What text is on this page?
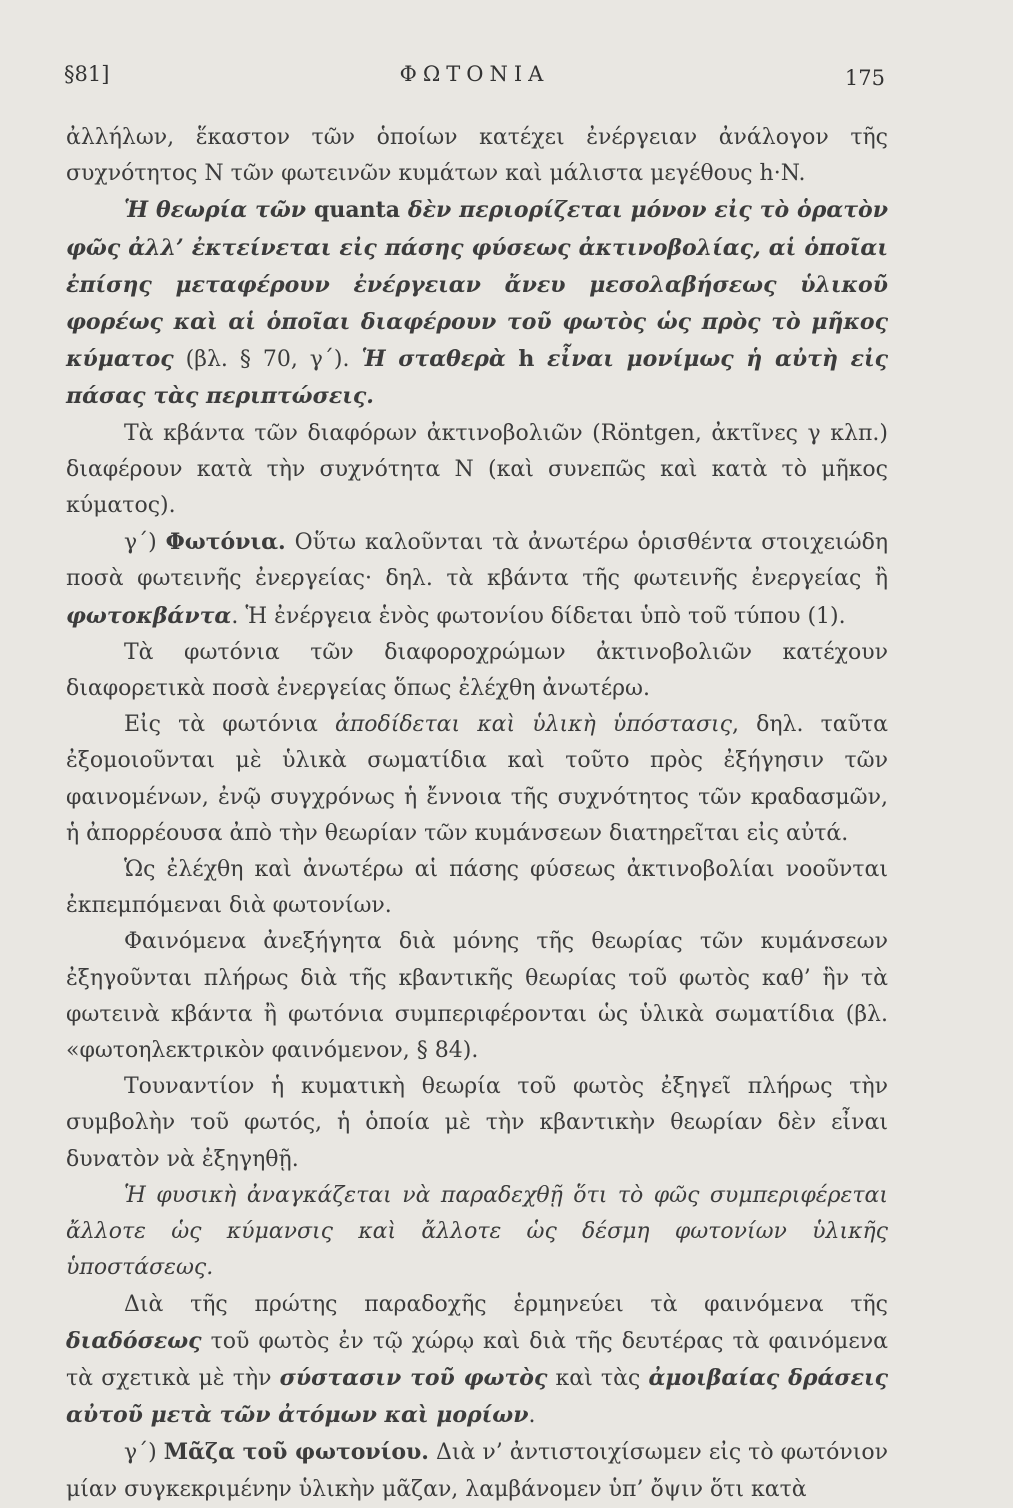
§81]	ΦΩΤΟΝΙΑ	175

ἀλλήλων, ἕκαστον τῶν ὁποίων κατέχει ἐνέργειαν ἀνάλογον τῆς συχνότητος Ν τῶν φωτεινῶν κυμάτων καὶ μάλιστα μεγέθους h·N.

Ἡ θεωρία τῶν quanta δὲν περιορίζεται μόνον εἰς τὸ ὁρατὸν φῶς ἀλλ’ ἐκτείνεται εἰς πάσης φύσεως ἀκτινοβολίας, αἱ ὁποῖαι ἐπίσης μεταφέρουν ἐνέργειαν ἄνευ μεσολαβήσεως ὑλικοῦ φορέως καὶ αἱ ὁποῖαι διαφέρουν τοῦ φωτὸς ὡς πρὸς τὸ μῆκος κύματος (βλ. § 70, γ΄). Ἡ σταθερὰ h εἶναι μονίμως ἡ αὐτὴ εἰς πάσας τὰς περιπτώσεις.

Τὰ κβάντα τῶν διαφόρων ἀκτινοβολιῶν (Röntgen, ἀκτῖνες γ κλπ.) διαφέρουν κατὰ τὴν συχνότητα Ν (καὶ συνεπῶς καὶ κατὰ τὸ μῆκος κύματος).

γ΄) Φωτόνια. Οὕτω καλοῦνται τὰ ἀνωτέρω ὁρισθέντα στοιχειώδη ποσὰ φωτεινῆς ἐνεργείας· δηλ. τὰ κβάντα τῆς φωτεινῆς ἐνεργείας ἢ φωτοκβάντα. Ἡ ἐνέργεια ἑνὸς φωτονίου δίδεται ὑπὸ τοῦ τύπου (1).

Τὰ φωτόνια τῶν διαφοροχρώμων ἀκτινοβολιῶν κατέχουν διαφορετικὰ ποσὰ ἐνεργείας ὅπως ἐλέχθη ἀνωτέρω.

Εἰς τὰ φωτόνια ἀποδίδεται καὶ ὑλικὴ ὑπόστασις, δηλ. ταῦτα ἐξομοιοῦνται μὲ ὑλικὰ σωματίδια καὶ τοῦτο πρὸς ἐξήγησιν τῶν φαινομένων, ἐνῷ συγχρόνως ἡ ἔννοια τῆς συχνότητος τῶν κραδασμῶν, ἡ ἀπορρέουσα ἀπὸ τὴν θεωρίαν τῶν κυμάνσεων διατηρεῖται εἰς αὐτά.

Ὡς ἐλέχθη καὶ ἀνωτέρω αἱ πάσης φύσεως ἀκτινοβολίαι νοοῦνται ἐκπεμπόμεναι διὰ φωτονίων.

Φαινόμενα ἀνεξήγητα διὰ μόνης τῆς θεωρίας τῶν κυμάνσεων ἐξηγοῦνται πλήρως διὰ τῆς κβαντικῆς θεωρίας τοῦ φωτὸς καθ’ ἣν τὰ φωτεινὰ κβάντα ἢ φωτόνια συμπεριφέρονται ὡς ὑλικὰ σωματίδια (βλ. «φωτοηλεκτρικὸν φαινόμενον, § 84).

Τουναντίον ἡ κυματικὴ θεωρία τοῦ φωτὸς ἐξηγεῖ πλήρως τὴν συμβολὴν τοῦ φωτός, ἡ ὁποία μὲ τὴν κβαντικὴν θεωρίαν δὲν εἶναι δυνατὸν νὰ ἐξηγηθῇ.

Ἡ φυσικὴ ἀναγκάζεται νὰ παραδεχθῇ ὅτι τὸ φῶς συμπεριφέρεται ἄλλοτε ὡς κύμανσις καὶ ἄλλοτε ὡς δέσμη φωτονίων ὑλικῆς ὑποστάσεως.

Διὰ τῆς πρώτης παραδοχῆς ἑρμηνεύει τὰ φαινόμενα τῆς διαδόσεως τοῦ φωτὸς ἐν τῷ χώρῳ καὶ διὰ τῆς δευτέρας τὰ φαινόμενα τὰ σχετικὰ μὲ τὴν σύστασιν τοῦ φωτὸς καὶ τὰς ἀμοιβαίας δράσεις αὐτοῦ μετὰ τῶν ἀτόμων καὶ μορίων.

γ΄) Μᾶζα τοῦ φωτονίου. Διὰ ν’ ἀντιστοιχίσωμεν εἰς τὸ φωτόνιον μίαν συγκεκριμένην ὑλικὴν μᾶζαν, λαμβάνομεν ὑπ’ ὄψιν ὅτι κατὰ
